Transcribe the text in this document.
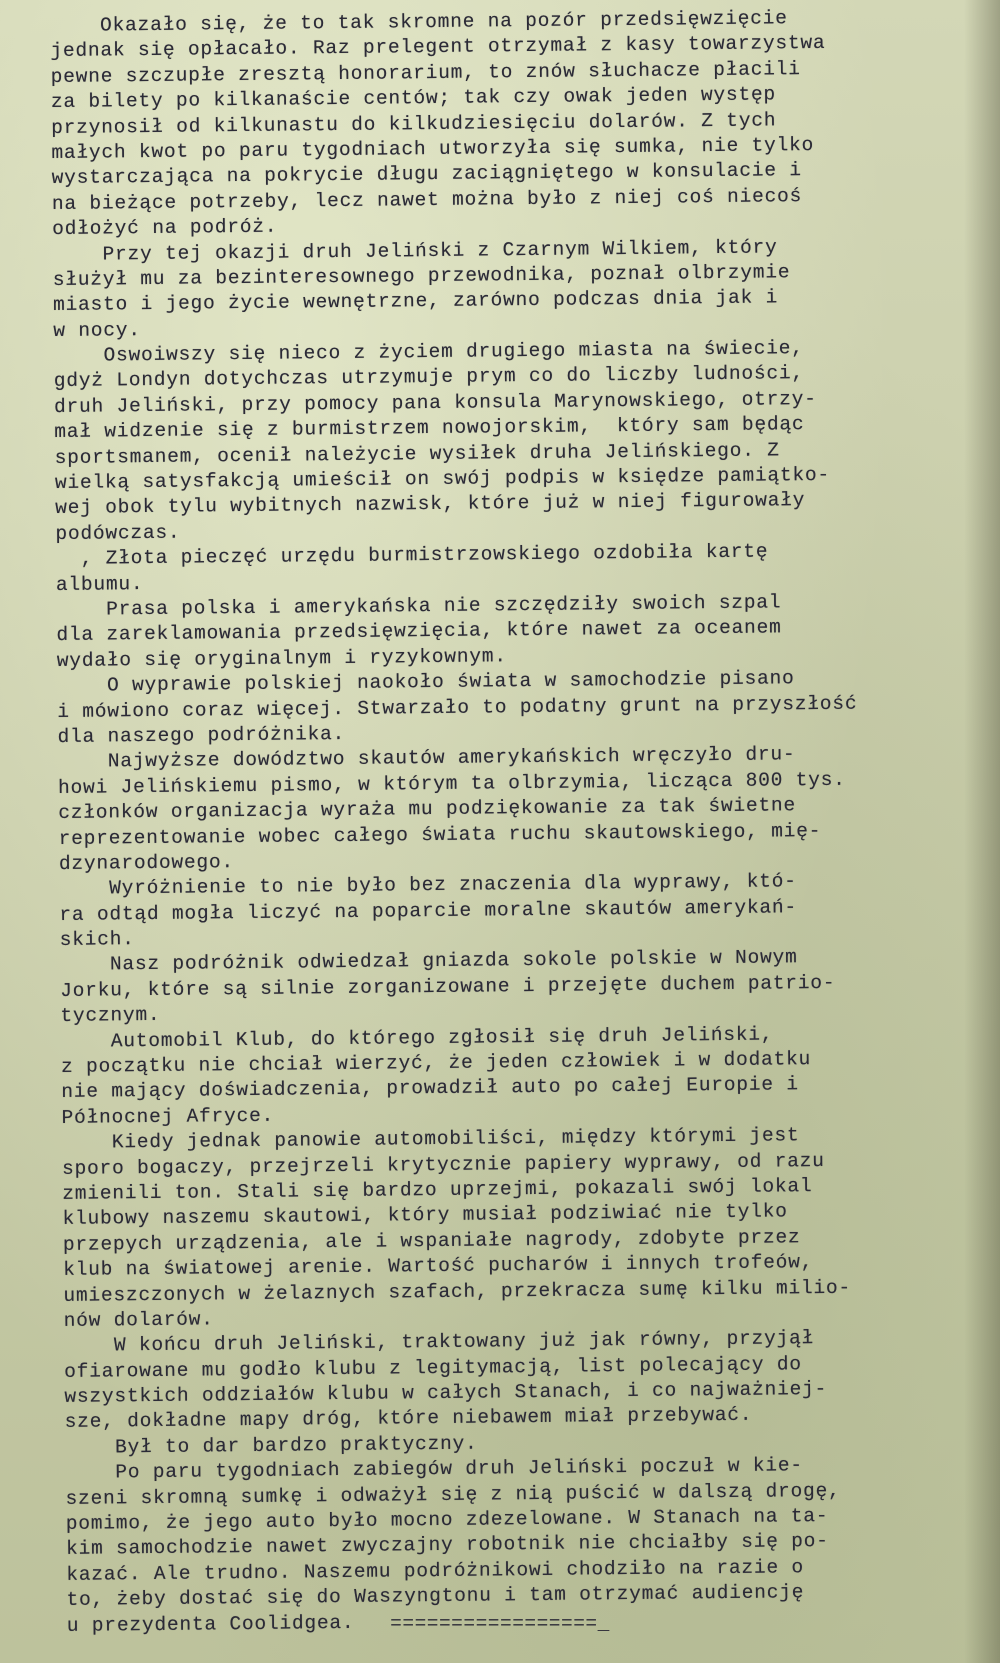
Okazało się, że to tak skromne na pozór przedsięwzięcie
jednak się opłacało. Raz prelegent otrzymał z kasy towarzystwa
pewne szczupłe zresztą honorarium, to znów słuchacze płacili
za bilety po kilkanaście centów; tak czy owak jeden występ
przynosił od kilkunastu do kilkudziesięciu dolarów. Z tych
małych kwot po paru tygodniach utworzyła się sumka, nie tylko
wystarczająca na pokrycie długu zaciągniętego w konsulacie i
na bieżące potrzeby, lecz nawet można było z niej coś niecoś
odłożyć na podróż.
Przy tej okazji druh Jeliński z Czarnym Wilkiem, który
służył mu za bezinteresownego przewodnika, poznał olbrzymie
miasto i jego życie wewnętrzne, zarówno podczas dnia jak i
w nocy.
Oswoiwszy się nieco z życiem drugiego miasta na świecie,
gdyż Londyn dotychczas utrzymuje prym co do liczby ludności,
druh Jeliński, przy pomocy pana konsula Marynowskiego, otrzy-
mał widzenie się z burmistrzem nowojorskim,  który sam będąc
sportsmanem, ocenił należycie wysiłek druha Jelińskiego. Z
wielką satysfakcją umieścił on swój podpis w księdze pamiątko-
wej obok tylu wybitnych nazwisk, które już w niej figurowały
podówczas.
, Złota pieczęć urzędu burmistrzowskiego ozdobiła kartę
albumu.
Prasa polska i amerykańska nie szczędziły swoich szpal
dla zareklamowania przedsięwzięcia, które nawet za oceanem
wydało się oryginalnym i ryzykownym.
O wyprawie polskiej naokoło świata w samochodzie pisano
i mówiono coraz więcej. Stwarzało to podatny grunt na przyszłość
dla naszego podróżnika.
Najwyższe dowództwo skautów amerykańskich wręczyło dru-
howi Jelińskiemu pismo, w którym ta olbrzymia, licząca 800 tys.
członków organizacja wyraża mu podziękowanie za tak świetne
reprezentowanie wobec całego świata ruchu skautowskiego, mię-
dzynarodowego.
Wyróżnienie to nie było bez znaczenia dla wyprawy, któ-
ra odtąd mogła liczyć na poparcie moralne skautów amerykań-
skich.
Nasz podróżnik odwiedzał gniazda sokole polskie w Nowym
Jorku, które są silnie zorganizowane i przejęte duchem patrio-
tycznym.
Automobil Klub, do którego zgłosił się druh Jeliński,
z początku nie chciał wierzyć, że jeden człowiek i w dodatku
nie mający doświadczenia, prowadził auto po całej Europie i
Północnej Afryce.
Kiedy jednak panowie automobiliści, między którymi jest
sporo bogaczy, przejrzeli krytycznie papiery wyprawy, od razu
zmienili ton. Stali się bardzo uprzejmi, pokazali swój lokal
klubowy naszemu skautowi, który musiał podziwiać nie tylko
przepych urządzenia, ale i wspaniałe nagrody, zdobyte przez
klub na światowej arenie. Wartość pucharów i innych trofeów,
umieszczonych w żelaznych szafach, przekracza sumę kilku milio-
nów dolarów.
W końcu druh Jeliński, traktowany już jak równy, przyjął
ofiarowane mu godło klubu z legitymacją, list polecający do
wszystkich oddziałów klubu w całych Stanach, i co najważniej-
sze, dokładne mapy dróg, które niebawem miał przebywać.
Był to dar bardzo praktyczny.
Po paru tygodniach zabiegów druh Jeliński poczuł w kie-
szeni skromną sumkę i odważył się z nią puścić w dalszą drogę,
pomimo, że jego auto było mocno zdezelowane. W Stanach na ta-
kim samochodzie nawet zwyczajny robotnik nie chciałby się po-
kazać. Ale trudno. Naszemu podróżnikowi chodziło na razie o
to, żeby dostać się do Waszyngtonu i tam otrzymać audiencję
u prezydenta Coolidgea.	=================_
